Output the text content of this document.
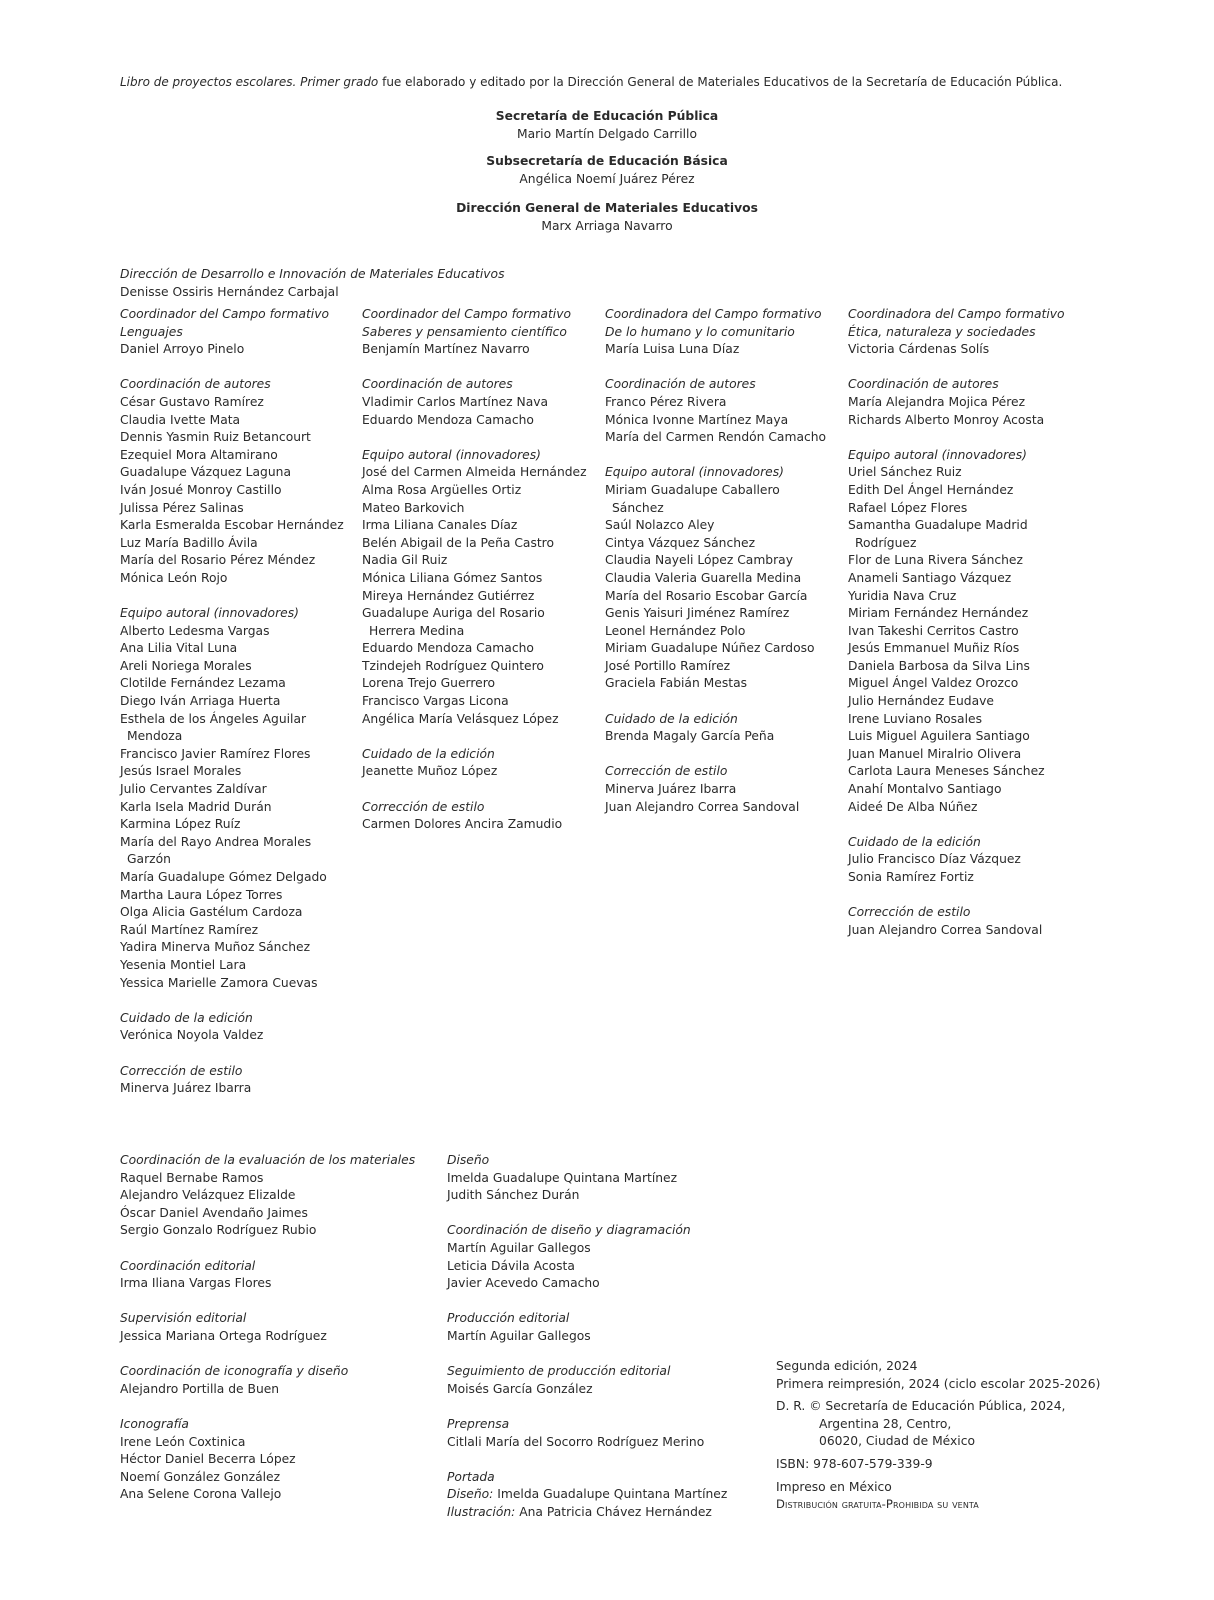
Libro de proyectos escolares. Primer grado fue elaborado y editado por la Dirección General de Materiales Educativos de la Secretaría de Educación Pública.
Secretaría de Educación Pública
Mario Martín Delgado Carrillo
Subsecretaría de Educación Básica
Angélica Noemí Juárez Pérez
Dirección General de Materiales Educativos
Marx Arriaga Navarro
Dirección de Desarrollo e Innovación de Materiales Educativos
Denisse Ossiris Hernández Carbajal
Coordinador del Campo formativo
Lenguajes
Daniel Arroyo Pinelo
Coordinación de autores
César Gustavo Ramírez
Claudia Ivette Mata
Dennis Yasmin Ruiz Betancourt
Ezequiel Mora Altamirano
Guadalupe Vázquez Laguna
Iván Josué Monroy Castillo
Julissa Pérez Salinas
Karla Esmeralda Escobar Hernández
Luz María Badillo Ávila
María del Rosario Pérez Méndez
Mónica León Rojo
Equipo autoral (innovadores)
Alberto Ledesma Vargas
Ana Lilia Vital Luna
Areli Noriega Morales
Clotilde Fernández Lezama
Diego Iván Arriaga Huerta
Esthela de los Ángeles Aguilar
Mendoza
Francisco Javier Ramírez Flores
Jesús Israel Morales
Julio Cervantes Zaldívar
Karla Isela Madrid Durán
Karmina López Ruíz
María del Rayo Andrea Morales
Garzón
María Guadalupe Gómez Delgado
Martha Laura López Torres
Olga Alicia Gastélum Cardoza
Raúl Martínez Ramírez
Yadira Minerva Muñoz Sánchez
Yesenia Montiel Lara
Yessica Marielle Zamora Cuevas
Cuidado de la edición
Verónica Noyola Valdez
Corrección de estilo
Minerva Juárez Ibarra
Coordinador del Campo formativo
Saberes y pensamiento científico
Benjamín Martínez Navarro
Coordinación de autores
Vladimir Carlos Martínez Nava
Eduardo Mendoza Camacho
Equipo autoral (innovadores)
José del Carmen Almeida Hernández
Alma Rosa Argüelles Ortiz
Mateo Barkovich
Irma Liliana Canales Díaz
Belén Abigail de la Peña Castro
Nadia Gil Ruiz
Mónica Liliana Gómez Santos
Mireya Hernández Gutiérrez
Guadalupe Auriga del Rosario
Herrera Medina
Eduardo Mendoza Camacho
Tzindejeh Rodríguez Quintero
Lorena Trejo Guerrero
Francisco Vargas Licona
Angélica María Velásquez López
Cuidado de la edición
Jeanette Muñoz López
Corrección de estilo
Carmen Dolores Ancira Zamudio
Coordinadora del Campo formativo
De lo humano y lo comunitario
María Luisa Luna Díaz
Coordinación de autores
Franco Pérez Rivera
Mónica Ivonne Martínez Maya
María del Carmen Rendón Camacho
Equipo autoral (innovadores)
Miriam Guadalupe Caballero
Sánchez
Saúl Nolazco Aley
Cintya Vázquez Sánchez
Claudia Nayeli López Cambray
Claudia Valeria Guarella Medina
María del Rosario Escobar García
Genis Yaisuri Jiménez Ramírez
Leonel Hernández Polo
Miriam Guadalupe Núñez Cardoso
José Portillo Ramírez
Graciela Fabián Mestas
Cuidado de la edición
Brenda Magaly García Peña
Corrección de estilo
Minerva Juárez Ibarra
Juan Alejandro Correa Sandoval
Coordinadora del Campo formativo
Ética, naturaleza y sociedades
Victoria Cárdenas Solís
Coordinación de autores
María Alejandra Mojica Pérez
Richards Alberto Monroy Acosta
Equipo autoral (innovadores)
Uriel Sánchez Ruiz
Edith Del Ángel Hernández
Rafael López Flores
Samantha Guadalupe Madrid
Rodríguez
Flor de Luna Rivera Sánchez
Anameli Santiago Vázquez
Yuridia Nava Cruz
Miriam Fernández Hernández
Ivan Takeshi Cerritos Castro
Jesús Emmanuel Muñiz Ríos
Daniela Barbosa da Silva Lins
Miguel Ángel Valdez Orozco
Julio Hernández Eudave
Irene Luviano Rosales
Luis Miguel Aguilera Santiago
Juan Manuel Miralrio Olivera
Carlota Laura Meneses Sánchez
Anahí Montalvo Santiago
Aideé De Alba Núñez
Cuidado de la edición
Julio Francisco Díaz Vázquez
Sonia Ramírez Fortiz
Corrección de estilo
Juan Alejandro Correa Sandoval
Coordinación de la evaluación de los materiales
Raquel Bernabe Ramos
Alejandro Velázquez Elizalde
Óscar Daniel Avendaño Jaimes
Sergio Gonzalo Rodríguez Rubio
Coordinación editorial
Irma Iliana Vargas Flores
Supervisión editorial
Jessica Mariana Ortega Rodríguez
Coordinación de iconografía y diseño
Alejandro Portilla de Buen
Iconografía
Irene León Coxtinica
Héctor Daniel Becerra López
Noemí González González
Ana Selene Corona Vallejo
Diseño
Imelda Guadalupe Quintana Martínez
Judith Sánchez Durán
Coordinación de diseño y diagramación
Martín Aguilar Gallegos
Leticia Dávila Acosta
Javier Acevedo Camacho
Producción editorial
Martín Aguilar Gallegos
Seguimiento de producción editorial
Moisés García González
Preprensa
Citlali María del Socorro Rodríguez Merino
Portada
Diseño: Imelda Guadalupe Quintana Martínez
Ilustración: Ana Patricia Chávez Hernández
Segunda edición, 2024
Primera reimpresión, 2024 (ciclo escolar 2025-2026)
D. R. © Secretaría de Educación Pública, 2024,
Argentina 28, Centro,
06020, Ciudad de México
ISBN: 978-607-579-339-9
Impreso en México
Distribución gratuita-Prohibida su venta
